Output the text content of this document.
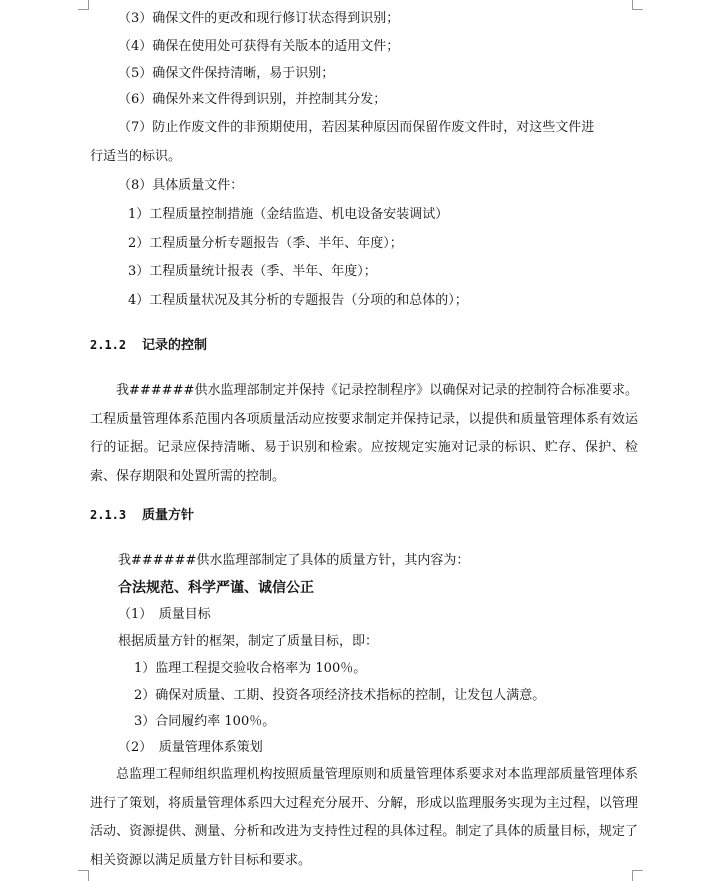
（3）确保文件的更改和现行修订状态得到识别；
（4）确保在使用处可获得有关版本的适用文件；
（5）确保文件保持清晰，易于识别；
（6）确保外来文件得到识别，并控制其分发；
（7）防止作废文件的非预期使用，若因某种原因而保留作废文件时，对这些文件进
行适当的标识。
（8）具体质量文件：
1）工程质量控制措施（金结监造、机电设备安装调试）
2）工程质量分析专题报告（季、半年、年度）；
3）工程质量统计报表（季、半年、年度）；
4）工程质量状况及其分析的专题报告（分项的和总体的）；
2.1.2 记录的控制
我######供水监理部制定并保持《记录控制程序》以确保对记录的控制符合标准要求。工程质量管理体系范围内各项质量活动应按要求制定并保持记录，以提供和质量管理体系有效运行的证据。记录应保持清晰、易于识别和检索。应按规定实施对记录的标识、贮存、保护、检索、保存期限和处置所需的控制。
2.1.3 质量方针
我######供水监理部制定了具体的质量方针，其内容为：
合法规范、科学严谨、诚信公正
（1）　质量目标
根据质量方针的框架，制定了质量目标，即：
1）监理工程提交验收合格率为 100％。
2）确保对质量、工期、投资各项经济技术指标的控制，让发包人满意。
3）合同履约率 100％。
（2）　质量管理体系策划
总监理工程师组织监理机构按照质量管理原则和质量管理体系要求对本监理部质量管理体系进行了策划，将质量管理体系四大过程充分展开、分解，形成以监理服务实现为主过程，以管理活动、资源提供、测量、分析和改进为支持性过程的具体过程。制定了具体的质量目标，规定了相关资源以满足质量方针目标和要求。
